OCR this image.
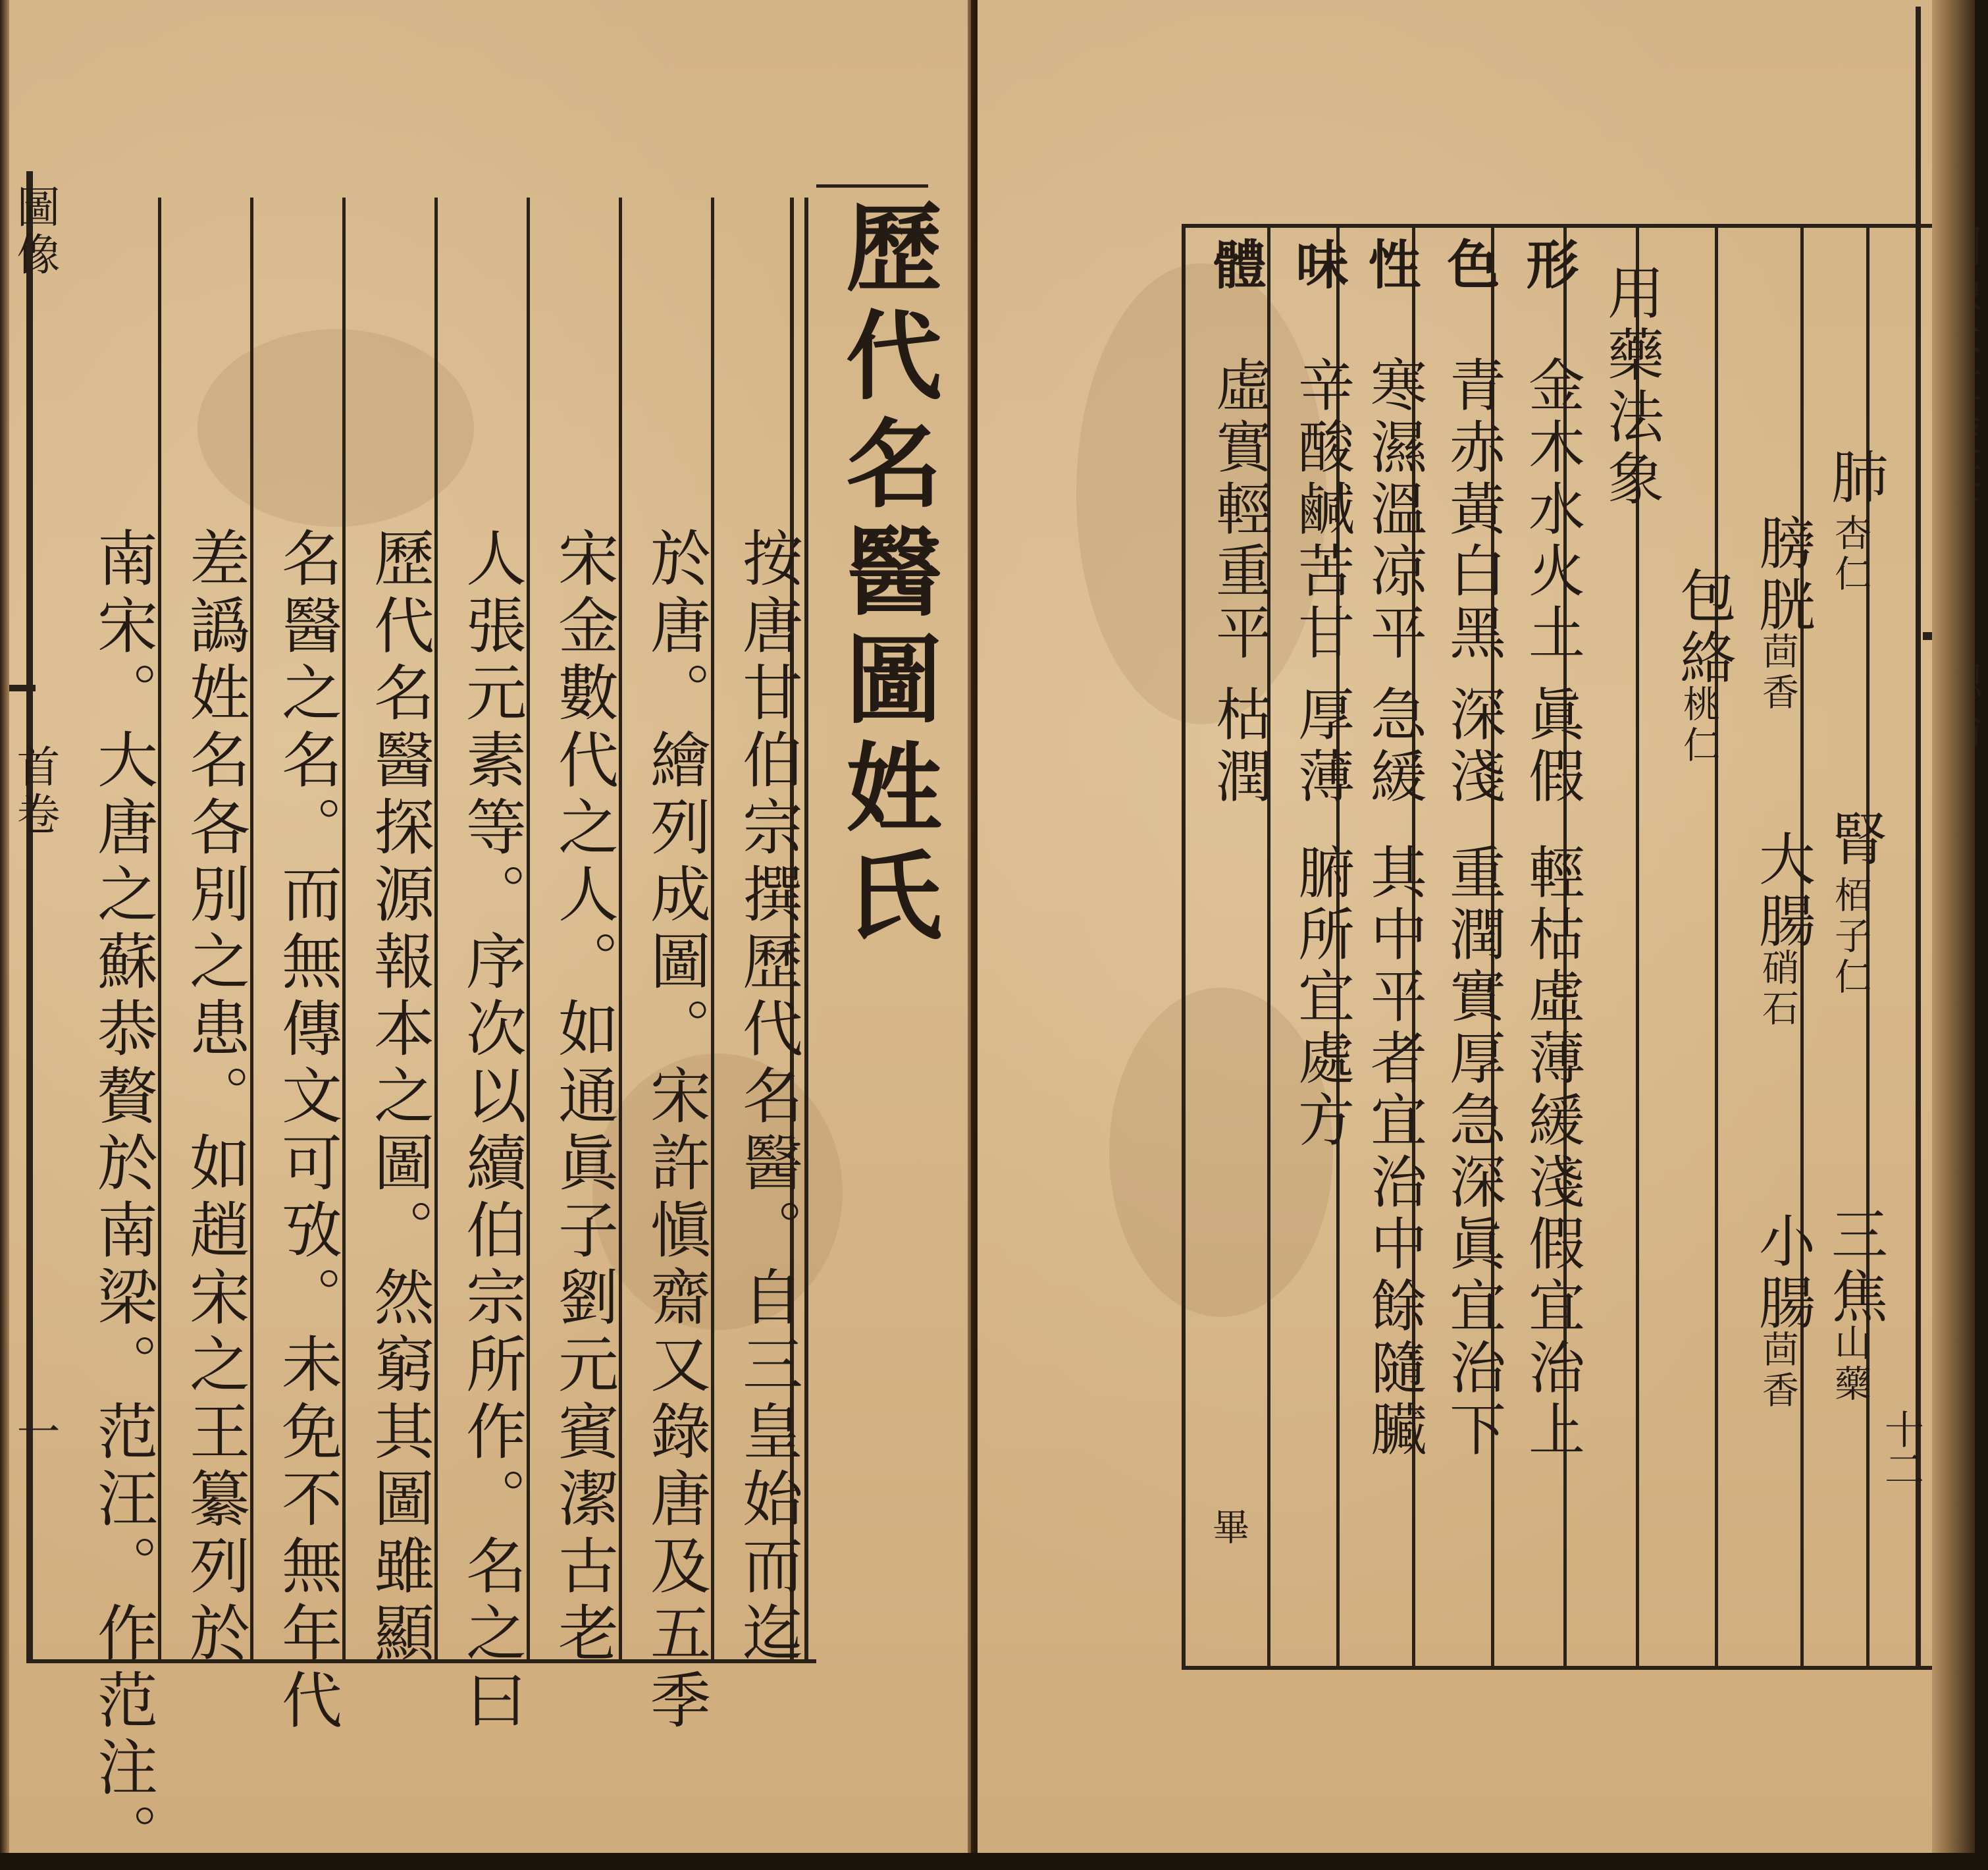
圖像
首卷
一
歷代名醫圖姓氏
按唐甘伯宗撰歷代名醫。自三皇始而迄
於唐。繪列成圖。宋許愼齋又錄唐及五季
宋金數代之人。如通眞子劉元賓潔古老
人張元素等。序次以續伯宗所作。名之曰
歷代名醫探源報本之圖。然窮其圖雖顯
名醫之名。而無傳文可攷。未免不無年代
差譌姓名各別之患。如趙宋之王纂列於
南宋。大唐之蘇恭贅於南梁。范汪。作范注。	十二
肺
杏仁
膀胱
茴香
包絡
桃仁
腎
栢子仁
大腸
硝石
三焦
山藥
小腸
茴香
用藥法象
形
金木水火土
眞假
輕枯虛薄緩淺假宜治上
色
青赤黃白黑
深淺
重潤實厚急深眞宜治下
性
寒濕溫凉平
急緩
其中平者宜治中餘隨臟
味
辛酸鹹苦甘
厚薄
腑所宜處方
體
虛實輕重平
枯潤
畢
